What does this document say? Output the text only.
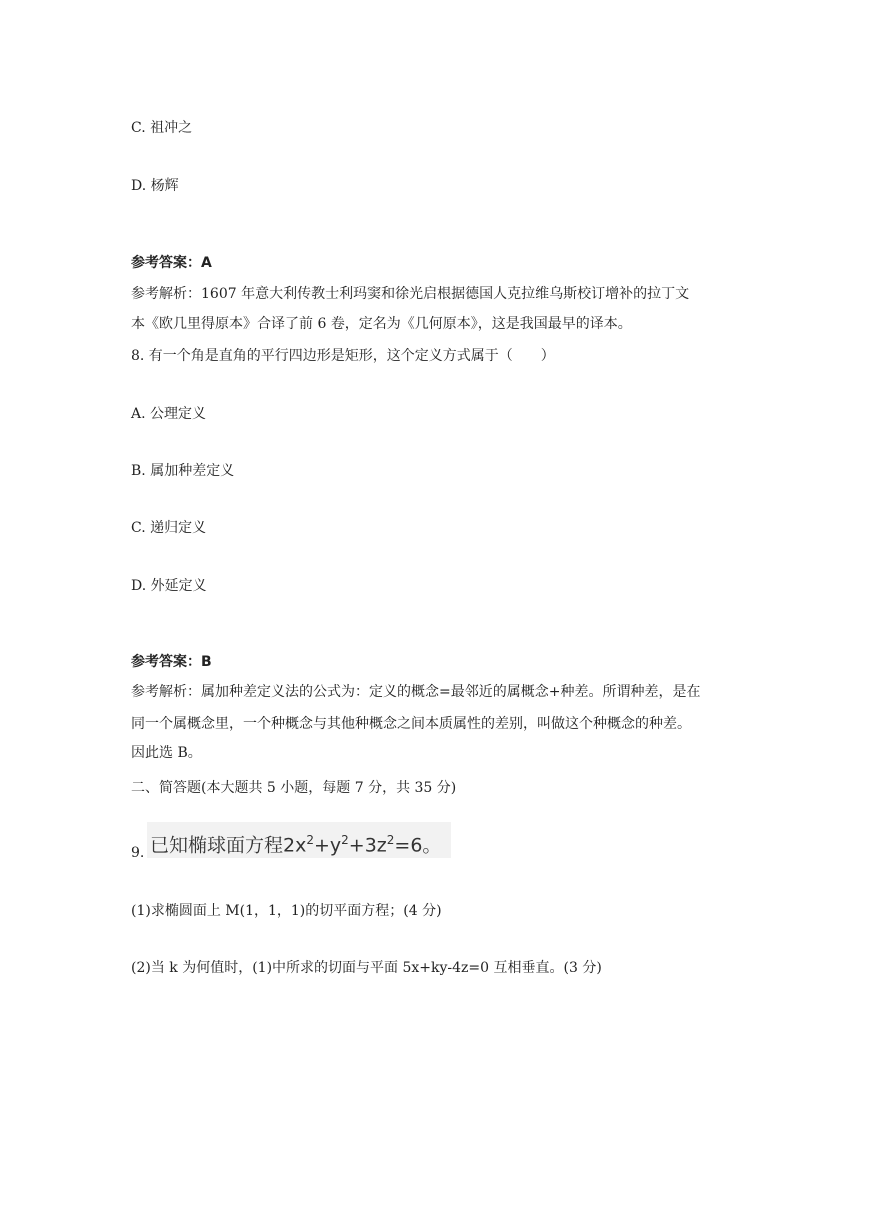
C. 祖冲之
D. 杨辉
参考答案：A
参考解析：1607 年意大利传教士利玛窦和徐光启根据德国人克拉维乌斯校订增补的拉丁文
本《欧几里得原本》合译了前 6 卷，定名为《几何原本》，这是我国最早的译本。
8. 有一个角是直角的平行四边形是矩形，这个定义方式属于（　　）
A. 公理定义
B. 属加种差定义
C. 递归定义
D. 外延定义
参考答案：B
参考解析：属加种差定义法的公式为：定义的概念=最邻近的属概念+种差。所谓种差，是在
同一个属概念里，一个种概念与其他种概念之间本质属性的差别，叫做这个种概念的种差。
因此选 B。
二、简答题(本大题共 5 小题，每题 7 分，共 35 分)
9. 已知椭球面方程$2x^2+y^2+3z^2=6$。
(1)求椭圆面上 M(1，1，1)的切平面方程；(4 分)
(2)当 k 为何值时，(1)中所求的切面与平面 5x+ky-4z=0 互相垂直。(3 分)
